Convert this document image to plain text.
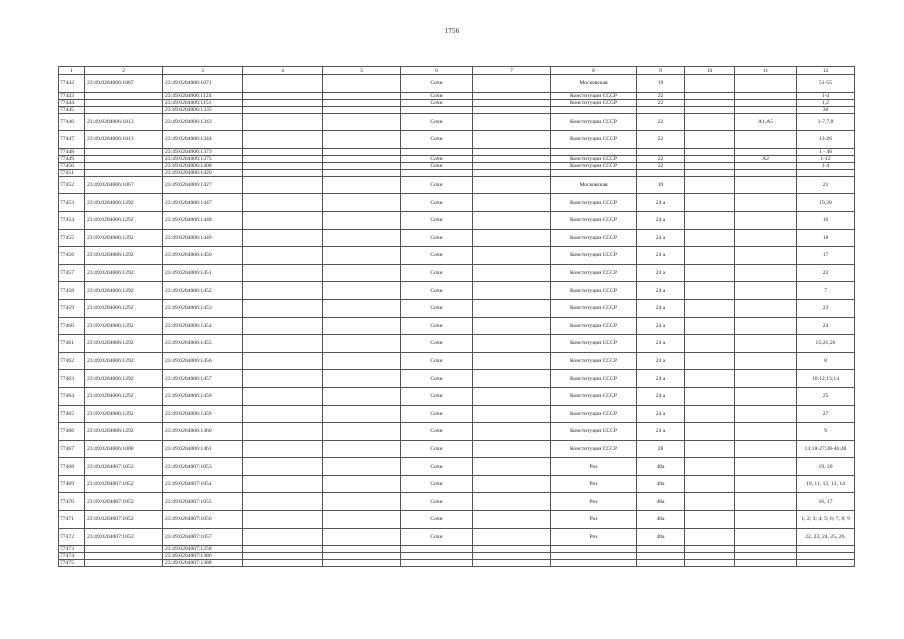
1756
1	2	3	4	5	6	7	8	9	10	11	12
77442	23:49:0204006:1067	23:49:0204006:1071			Сочи		Московская	19			51-55
77443		23:49:0204006:1124			Сочи		Конституции СССР	22			1-4
77444		23:49:0204006:1151			Сочи		Конституции СССР	22			1,2
77445		23:49:0204006:1335									36
77446	23:49:0204006:1013	23:49:0204006:1343			Сочи		Конституции СССР	22		А1,А5	1-7,7,8
77447	23:49:0204006:1013	23:49:0204006:1344			Сочи		Конституции СССР	22			13-26
77448		23:49:0204006:1373									1 - 46
77449		23:49:0204006:1375			Сочи		Конституции СССР	22		А2	1-12
77450		23:49:0204006:1408			Сочи		Конституции СССР	22			1-4
77451		23:49:0204006:1420									
77452	23:49:0204006:1067	23:49:0204006:1427			Сочи		Московская	19			21
77453	23:49:0204006:1292	23:49:0204006:1447			Сочи		Конституции СССР	24 а			19,20
77454	23:49:0204006:1292	23:49:0204006:1448			Сочи		Конституции СССР	24 а			16
77455	23:49:0204006:1292	23:49:0204006:1449			Сочи		Конституции СССР	24 а			18
77456	23:49:0204006:1292	23:49:0204006:1450			Сочи		Конституции СССР	24 а			17
77457	23:49:0204006:1292	23:49:0204006:1451			Сочи		Конституции СССР	24 а			22
77458	23:49:0204006:1292	23:49:0204006:1452			Сочи		Конституции СССР	24 а			7
77459	23:49:0204006:1292	23:49:0204006:1453			Сочи		Конституции СССР	24 а			23
77460	23:49:0204006:1292	23:49:0204006:1454			Сочи		Конституции СССР	24 а			24
77461	23:49:0204006:1292	23:49:0204006:1455			Сочи		Конституции СССР	24 а			15;21;26
77462	23:49:0204006:1292	23:49:0204006:1456			Сочи		Конституции СССР	24 а			8
77463	23:49:0204006:1292	23:49:0204006:1457			Сочи		Конституции СССР	24 а			10;12;13;14
77464	23:49:0204006:1292	23:49:0204006:1458			Сочи		Конституции СССР	24 а			25
77465	23:49:0204006:1292	23:49:0204006:1459			Сочи		Конституции СССР	24 а			27
77466	23:49:0204006:1292	23:49:0204006:1460			Сочи		Конституции СССР	24 а			9
77467	23:49:0204006:1008	23:49:0204006:1461			Сочи		Конституции СССР	28			13;18-27;38-46;48
77468	23:49:0204007:1052	23:49:0204007:1053			Сочи		Роз	48а			19, 20
77469	23:49:0204007:1052	23:49:0204007:1054			Сочи		Роз	48а			10, 11, 12, 13, 14
77470	23:49:0204007:1052	23:49:0204007:1055			Сочи		Роз	48а			16, 17
77471	23:49:0204007:1052	23:49:0204007:1056			Сочи		Роз	48а			1; 2; 3; 4; 5; 6; 7; 8; 9
77472	23:49:0204007:1052	23:49:0204007:1057			Сочи		Роз	48а			22, 23, 24, 25, 26,
77473		23:49:0204007:1258									
77474		23:49:0204007:1386									
77475		23:49:0204007:1388									
